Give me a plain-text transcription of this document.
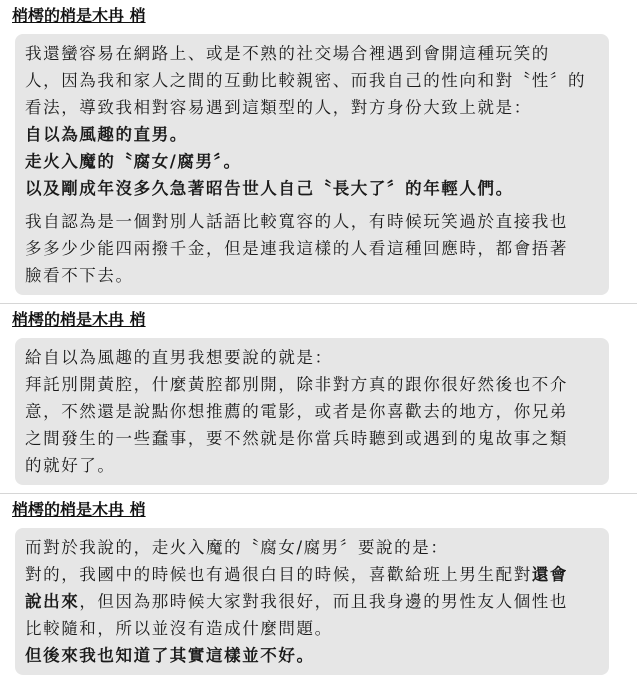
梢樗的梢是木冉 梢
我還蠻容易在網路上、或是不熟的社交場合裡遇到會開這種玩笑的
人，因為我和家人之間的互動比較親密、而我自己的性向和對〝性〞的
看法，導致我相對容易遇到這類型的人，對方身份大致上就是：
自以為風趣的直男。
走火入魔的〝腐女/腐男〞。
以及剛成年沒多久急著昭告世人自己〝長大了〞的年輕人們。
我自認為是一個對別人話語比較寬容的人，有時候玩笑過於直接我也
多多少少能四兩撥千金，但是連我這樣的人看這種回應時，都會捂著
臉看不下去。
梢樗的梢是木冉 梢
給自以為風趣的直男我想要說的就是：
拜託別開黃腔，什麼黃腔都別開，除非對方真的跟你很好然後也不介
意，不然還是說點你想推薦的電影，或者是你喜歡去的地方，你兄弟
之間發生的一些蠢事，要不然就是你當兵時聽到或遇到的鬼故事之類
的就好了。
梢樗的梢是木冉 梢
而對於我說的，走火入魔的〝腐女/腐男〞要說的是：
對的，我國中的時候也有過很白目的時候，喜歡給班上男生配對還會
說出來，但因為那時候大家對我很好，而且我身邊的男性友人個性也
比較隨和，所以並沒有造成什麼問題。
但後來我也知道了其實這樣並不好。
